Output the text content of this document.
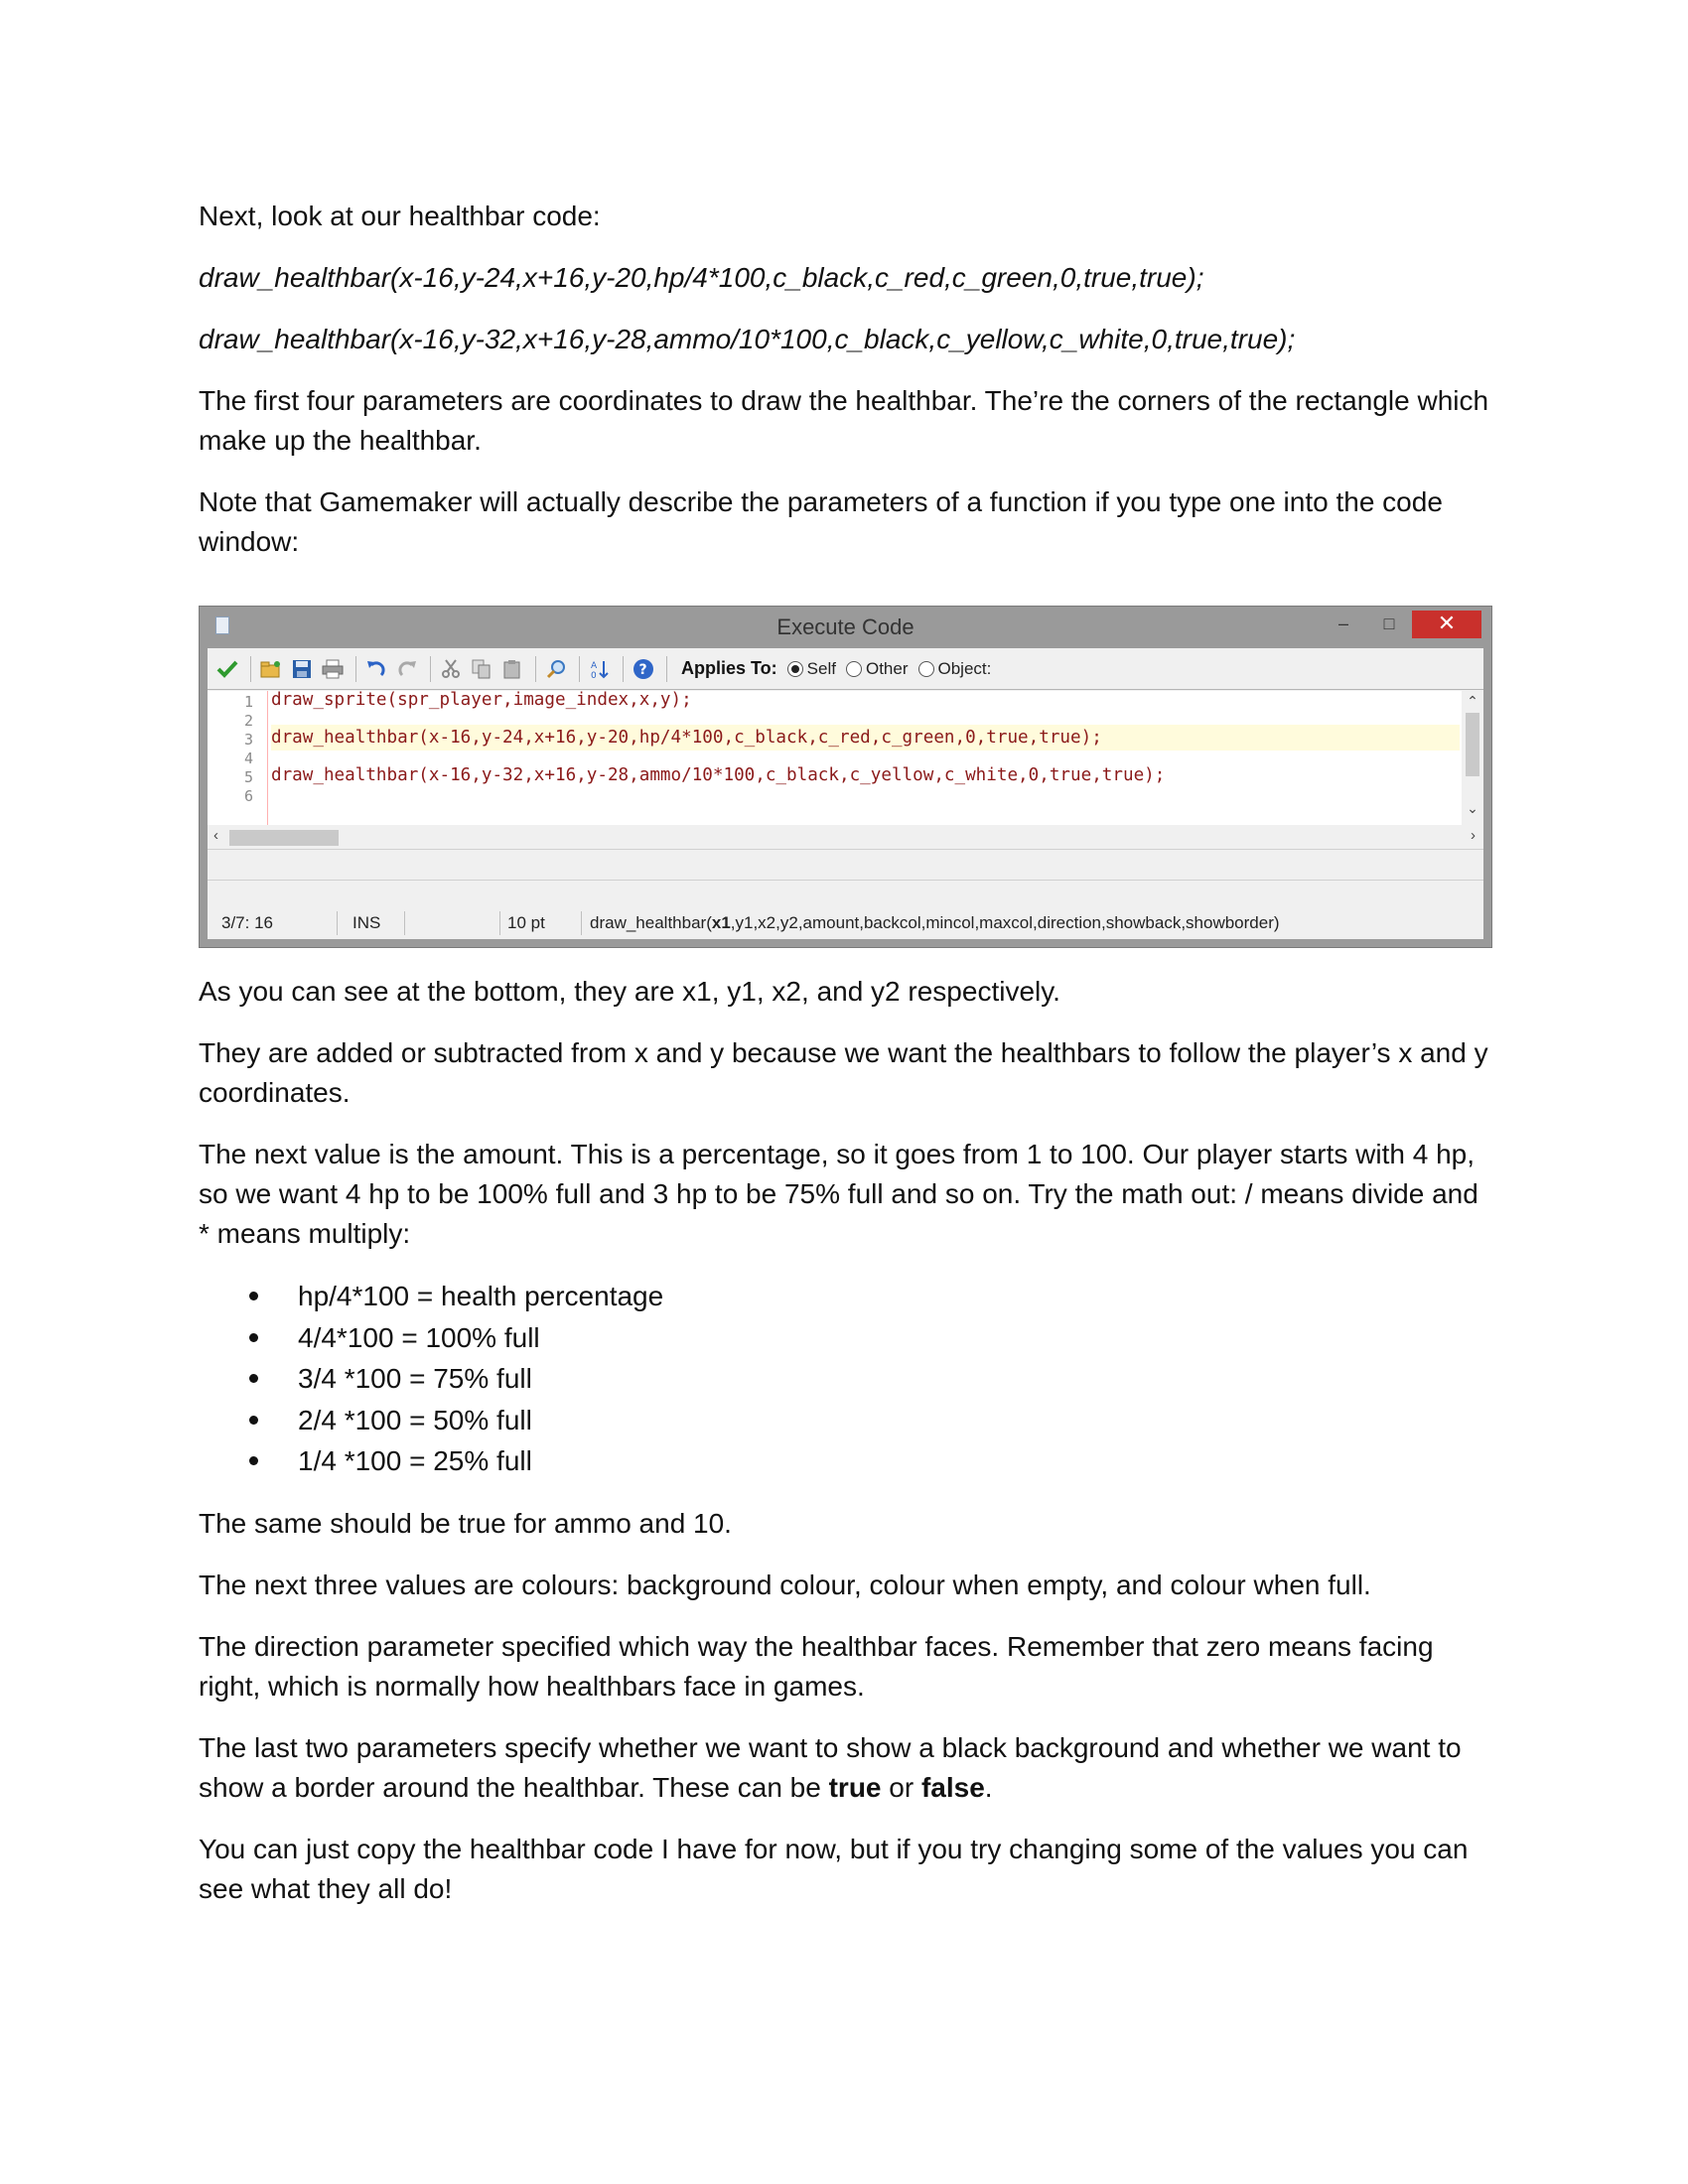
Next, look at our healthbar code:

draw_healthbar(x-16,y-24,x+16,y-20,hp/4*100,c_black,c_red,c_green,0,true,true);

draw_healthbar(x-16,y-32,x+16,y-28,ammo/10*100,c_black,c_yellow,c_white,0,true,true);

The first four parameters are coordinates to draw the healthbar. The’re the corners of the rectangle which make up the healthbar.

Note that Gamemaker will actually describe the parameters of a function if you type one into the code window:

Execute Code	–	□	✕
A
0	? Applies To: Self Other Object:
1
2
3
4
5
6
draw_sprite(spr_player,image_index,x,y);
draw_healthbar(x-16,y-24,x+16,y-20,hp/4*100,c_black,c_red,c_green,0,true,true);
draw_healthbar(x-16,y-32,x+16,y-28,ammo/10*100,c_black,c_yellow,c_white,0,true,true);
⌃
⌄
‹	›
3/7: 16	INS	10 pt	draw_healthbar(x1,y1,x2,y2,amount,backcol,mincol,maxcol,direction,showback,showborder)

As you can see at the bottom, they are x1, y1, x2, and y2 respectively.

They are added or subtracted from x and y because we want the healthbars to follow the player’s x and y coordinates.

The next value is the amount. This is a percentage, so it goes from 1 to 100. Our player starts with 4 hp, so we want 4 hp to be 100% full and 3 hp to be 75% full and so on. Try the math out: / means divide and * means multiply:

hp/4*100 = health percentage
4/4*100 = 100% full
3/4 *100 = 75% full
2/4 *100 = 50% full
1/4 *100 = 25% full

The same should be true for ammo and 10.

The next three values are colours: background colour, colour when empty, and colour when full.

The direction parameter specified which way the healthbar faces. Remember that zero means facing right, which is normally how healthbars face in games.

The last two parameters specify whether we want to show a black background and whether we want to show a border around the healthbar. These can be true or false.

You can just copy the healthbar code I have for now, but if you try changing some of the values you can see what they all do!
